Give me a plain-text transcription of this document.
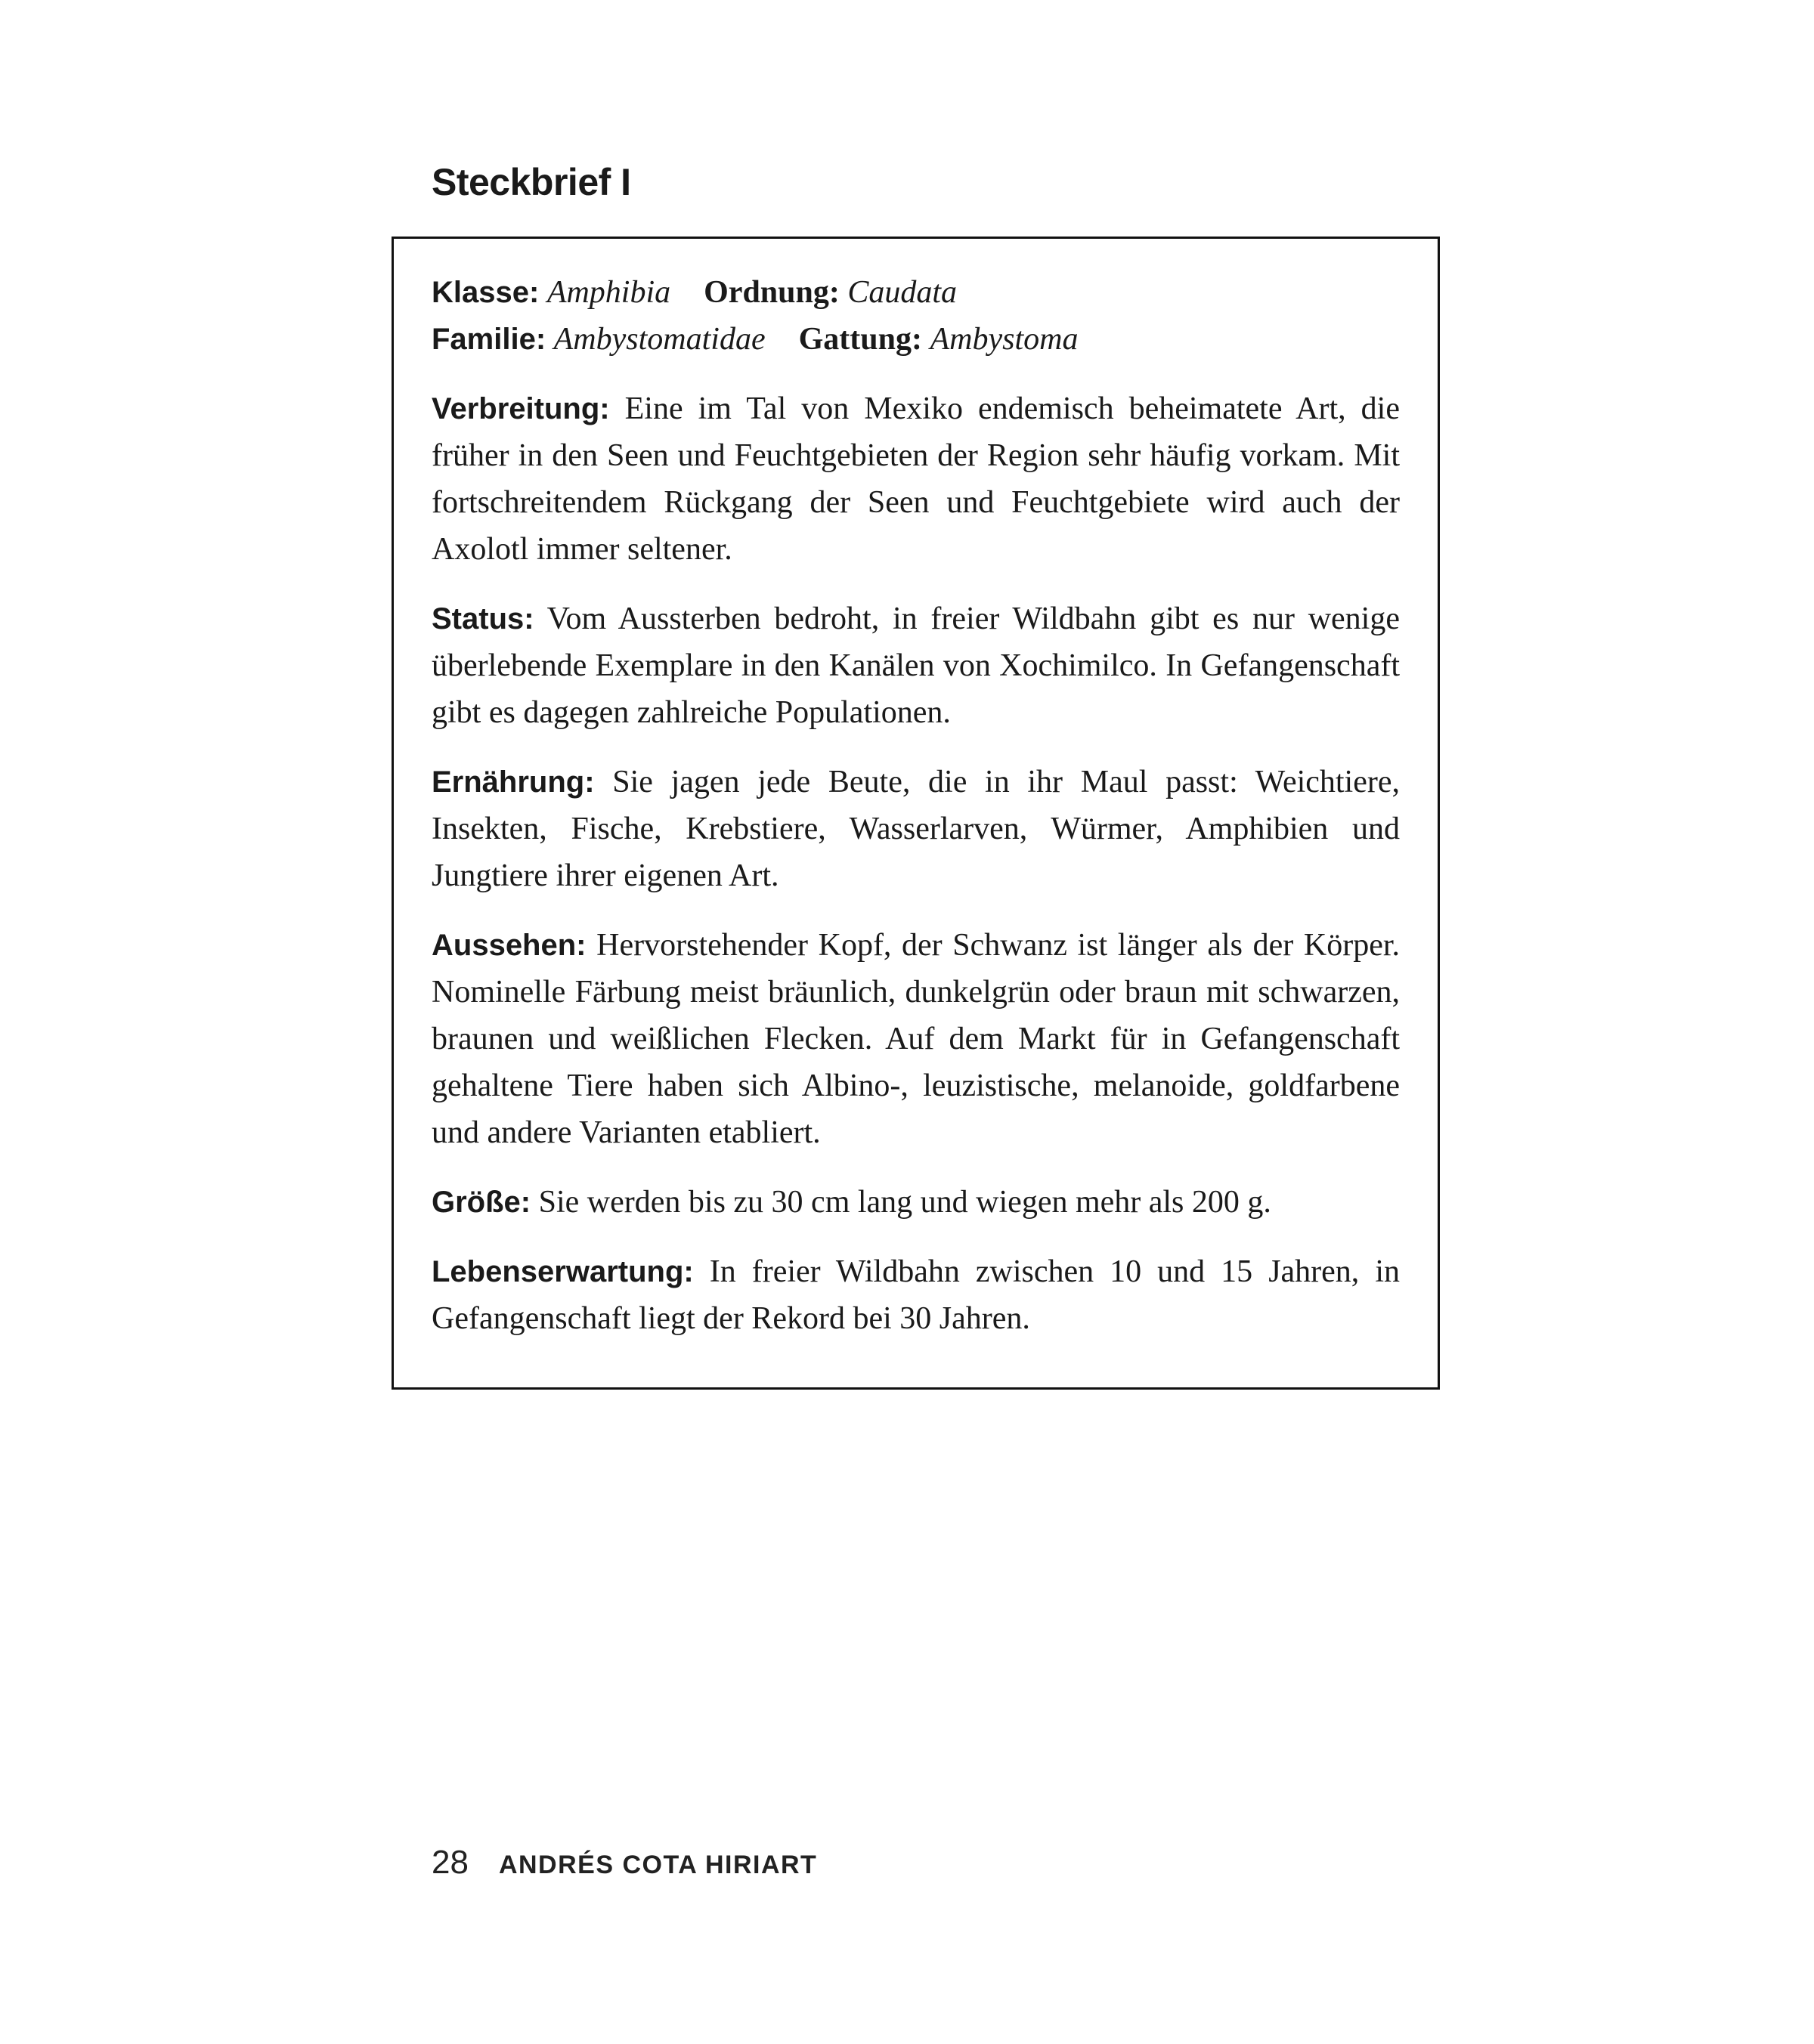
Steckbrief I

Klasse: Amphibia Ordnung: Caudata

Familie: Ambystomatidae Gattung: Ambystoma

Verbreitung: Eine im Tal von Mexiko endemisch beheimatete Art, die früher in den Seen und Feuchtgebieten der Region sehr häufig vorkam. Mit fortschreitendem Rückgang der Seen und Feuchtgebiete wird auch der Axolotl immer seltener.

Status: Vom Aussterben bedroht, in freier Wildbahn gibt es nur wenige überlebende Exemplare in den Kanälen von Xochimilco. In Gefangenschaft gibt es dagegen zahlreiche Populationen.

Ernährung: Sie jagen jede Beute, die in ihr Maul passt: Weichtiere, Insekten, Fische, Krebstiere, Wasserlarven, Würmer, Amphibien und Jungtiere ihrer eigenen Art.

Aussehen: Hervorstehender Kopf, der Schwanz ist länger als der Körper. Nominelle Färbung meist bräunlich, dunkelgrün oder braun mit schwarzen, braunen und weißlichen Flecken. Auf dem Markt für in Gefangenschaft gehaltene Tiere haben sich Albino-, leuzistische, melanoide, goldfarbene und andere Varianten etabliert.

Größe: Sie werden bis zu 30 cm lang und wiegen mehr als 200 g.

Lebenserwartung: In freier Wildbahn zwischen 10 und 15 Jahren, in Gefangenschaft liegt der Rekord bei 30 Jahren.

28 ANDRÉS COTA HIRIART
